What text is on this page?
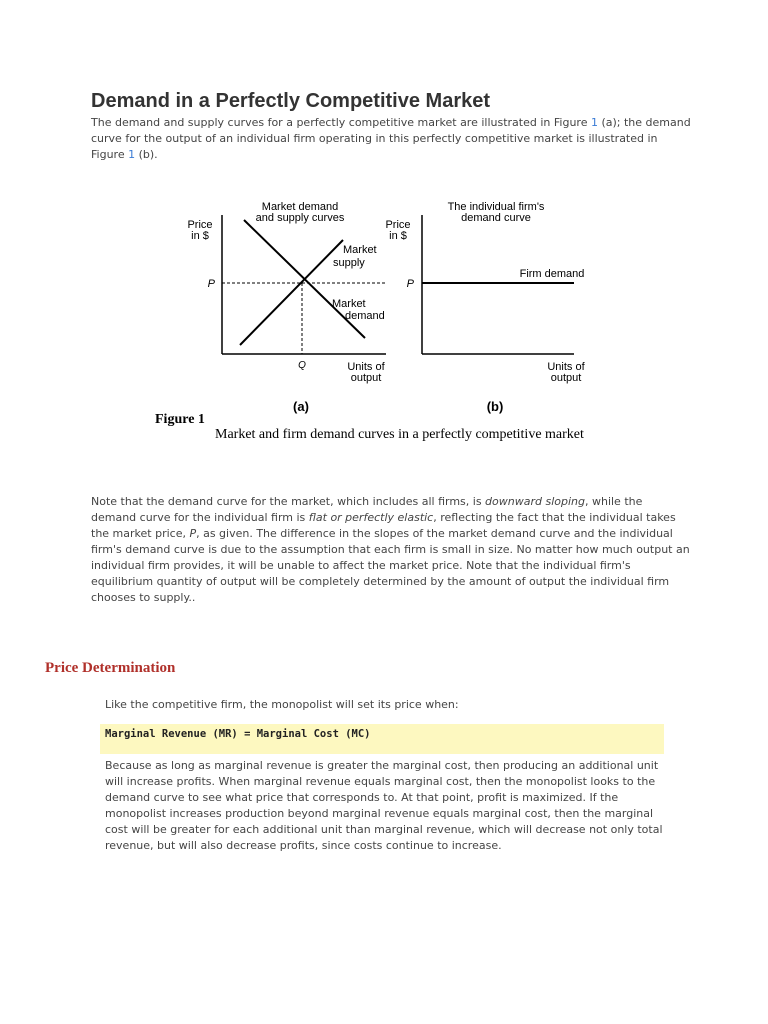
Demand in a Perfectly Competitive Market
The demand and supply curves for a perfectly competitive market are illustrated in Figure 1 (a); the demand curve for the output of an individual firm operating in this perfectly competitive market is illustrated in Figure 1 (b).
Market demand
and supply curves
Price
in $
P
Q
Market
supply
Market
demand
Units of
output
(a)
The individual firm's
demand curve
Price
in $
P
Firm demand
Units of
output
(b)
Figure 1
Market and firm demand curves in a perfectly competitive market
Note that the demand curve for the market, which includes all firms, is downward sloping, while the demand curve for the individual firm is flat or perfectly elastic, reflecting the fact that the individual takes the market price, P, as given. The difference in the slopes of the market demand curve and the individual firm's demand curve is due to the assumption that each firm is small in size. No matter how much output an individual firm provides, it will be unable to affect the market price. Note that the individual firm's equilibrium quantity of output will be completely determined by the amount of output the individual firm chooses to supply..
Price Determination
Like the competitive firm, the monopolist will set its price when:
Marginal Revenue (MR) = Marginal Cost (MC)
Because as long as marginal revenue is greater the marginal cost, then producing an additional unit will increase profits. When marginal revenue equals marginal cost, then the monopolist looks to the demand curve to see what price that corresponds to. At that point, profit is maximized. If the monopolist increases production beyond marginal revenue equals marginal cost, then the marginal cost will be greater for each additional unit than marginal revenue, which will decrease not only total revenue, but will also decrease profits, since costs continue to increase.
